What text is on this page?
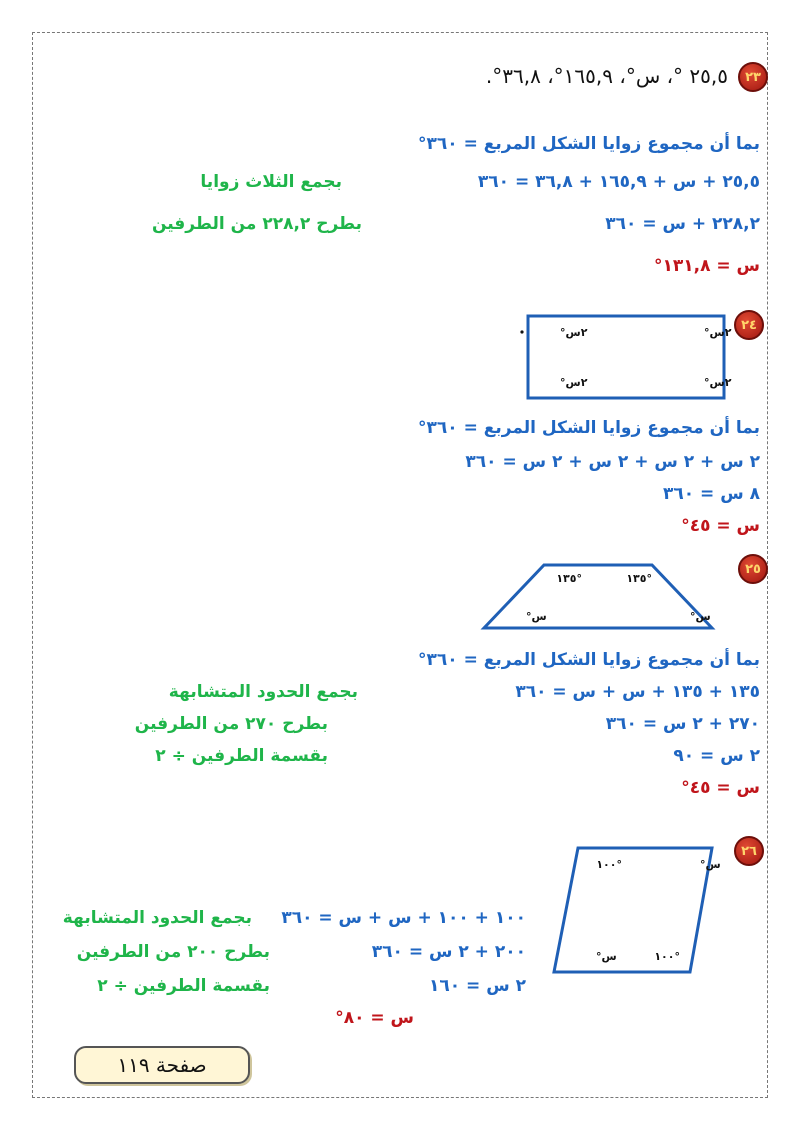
٢٣
٢٥,٥ °، س°، ١٦٥,٩°، ٣٦,٨°.
بما أن مجموع زوايا الشكل المربع = ٣٦٠°
٢٥,٥ + س + ١٦٥,٩ + ٣٦,٨ = ٣٦٠
بجمع الثلاث زوايا
٢٢٨,٢ + س = ٣٦٠
بطرح ٢٢٨,٢ من الطرفين
س = ١٣١,٨°
٢٤
٢س°
٢س°
٢س°
٢س°
بما أن مجموع زوايا الشكل المربع = ٣٦٠°
٢ س + ٢ س + ٢ س + ٢ س = ٣٦٠
٨ س = ٣٦٠
س = ٤٥°
٢٥
١٣٥°
١٣٥°
س°
س°
بما أن مجموع زوايا الشكل المربع = ٣٦٠°
١٣٥ + ١٣٥ + س + س = ٣٦٠
بجمع الحدود المتشابهة
٢٧٠ + ٢ س = ٣٦٠
بطرح ٢٧٠ من الطرفين
٢ س = ٩٠
بقسمة الطرفين ÷ ٢
س = ٤٥°
٢٦
١٠٠°	س°
١٠٠°
س°
١٠٠ + ١٠٠ + س + س = ٣٦٠
بجمع الحدود المتشابهة
٢٠٠ + ٢ س = ٣٦٠
بطرح ٢٠٠ من الطرفين
٢ س = ١٦٠
بقسمة الطرفين ÷ ٢
س = ٨٠°
صفحة ١١٩
